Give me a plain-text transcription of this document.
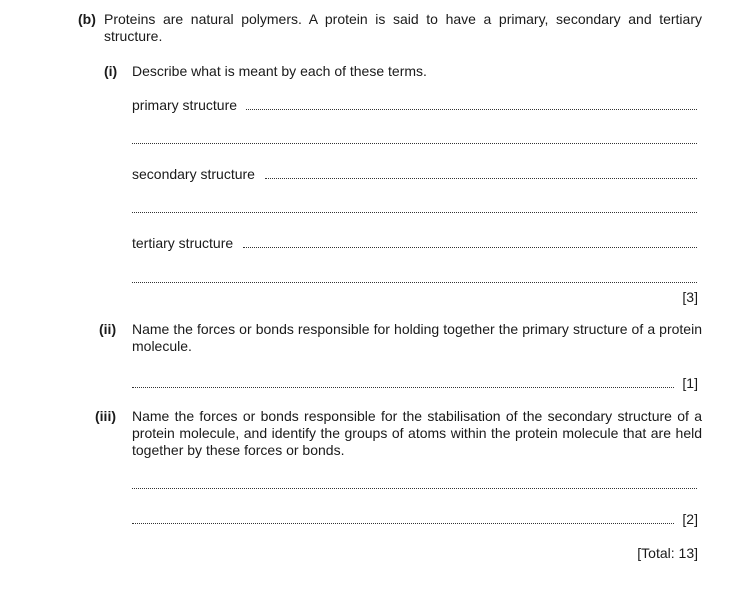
(b) Proteins are natural polymers. A protein is said to have a primary, secondary and tertiary structure.
(i) Describe what is meant by each of these terms.
primary structure
secondary structure
tertiary structure
[3]
(ii) Name the forces or bonds responsible for holding together the primary structure of a protein molecule.
[1]
(iii) Name the forces or bonds responsible for the stabilisation of the secondary structure of a protein molecule, and identify the groups of atoms within the protein molecule that are held together by these forces or bonds.
[2]
[Total: 13]
